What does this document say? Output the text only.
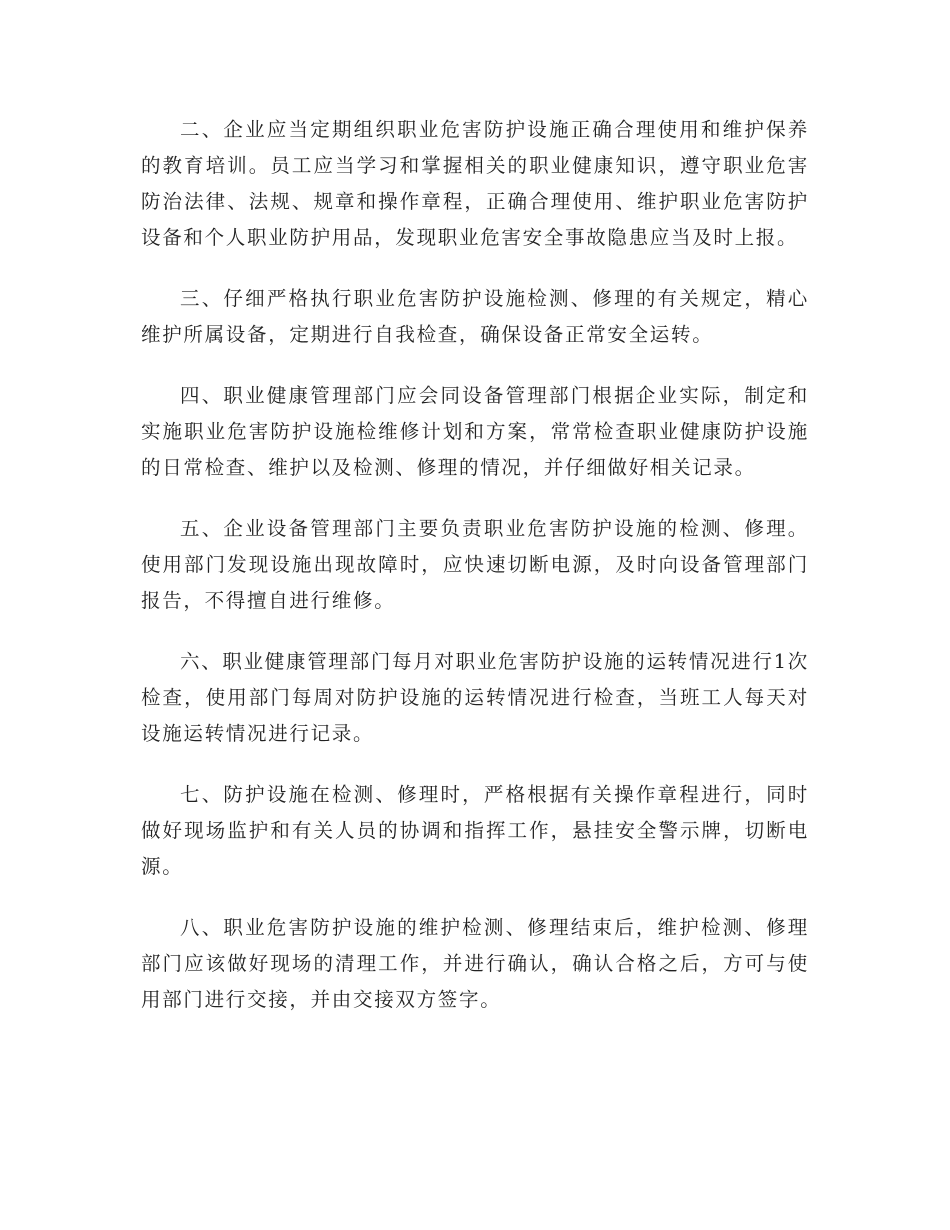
二、企业应当定期组织职业危害防护设施正确合理使用和维护保养的教育培训。员工应当学习和掌握相关的职业健康知识，遵守职业危害防治法律、法规、规章和操作章程，正确合理使用、维护职业危害防护设备和个人职业防护用品，发现职业危害安全事故隐患应当及时上报。

三、仔细严格执行职业危害防护设施检测、修理的有关规定，精心维护所属设备，定期进行自我检查，确保设备正常安全运转。

四、职业健康管理部门应会同设备管理部门根据企业实际，制定和实施职业危害防护设施检维修计划和方案，常常检查职业健康防护设施的日常检查、维护以及检测、修理的情况，并仔细做好相关记录。

五、企业设备管理部门主要负责职业危害防护设施的检测、修理。使用部门发现设施出现故障时，应快速切断电源，及时向设备管理部门报告，不得擅自进行维修。

六、职业健康管理部门每月对职业危害防护设施的运转情况进行1次检查，使用部门每周对防护设施的运转情况进行检查，当班工人每天对设施运转情况进行记录。

七、防护设施在检测、修理时，严格根据有关操作章程进行，同时做好现场监护和有关人员的协调和指挥工作，悬挂安全警示牌，切断电源。

八、职业危害防护设施的维护检测、修理结束后，维护检测、修理部门应该做好现场的清理工作，并进行确认，确认合格之后，方可与使用部门进行交接，并由交接双方签字。
